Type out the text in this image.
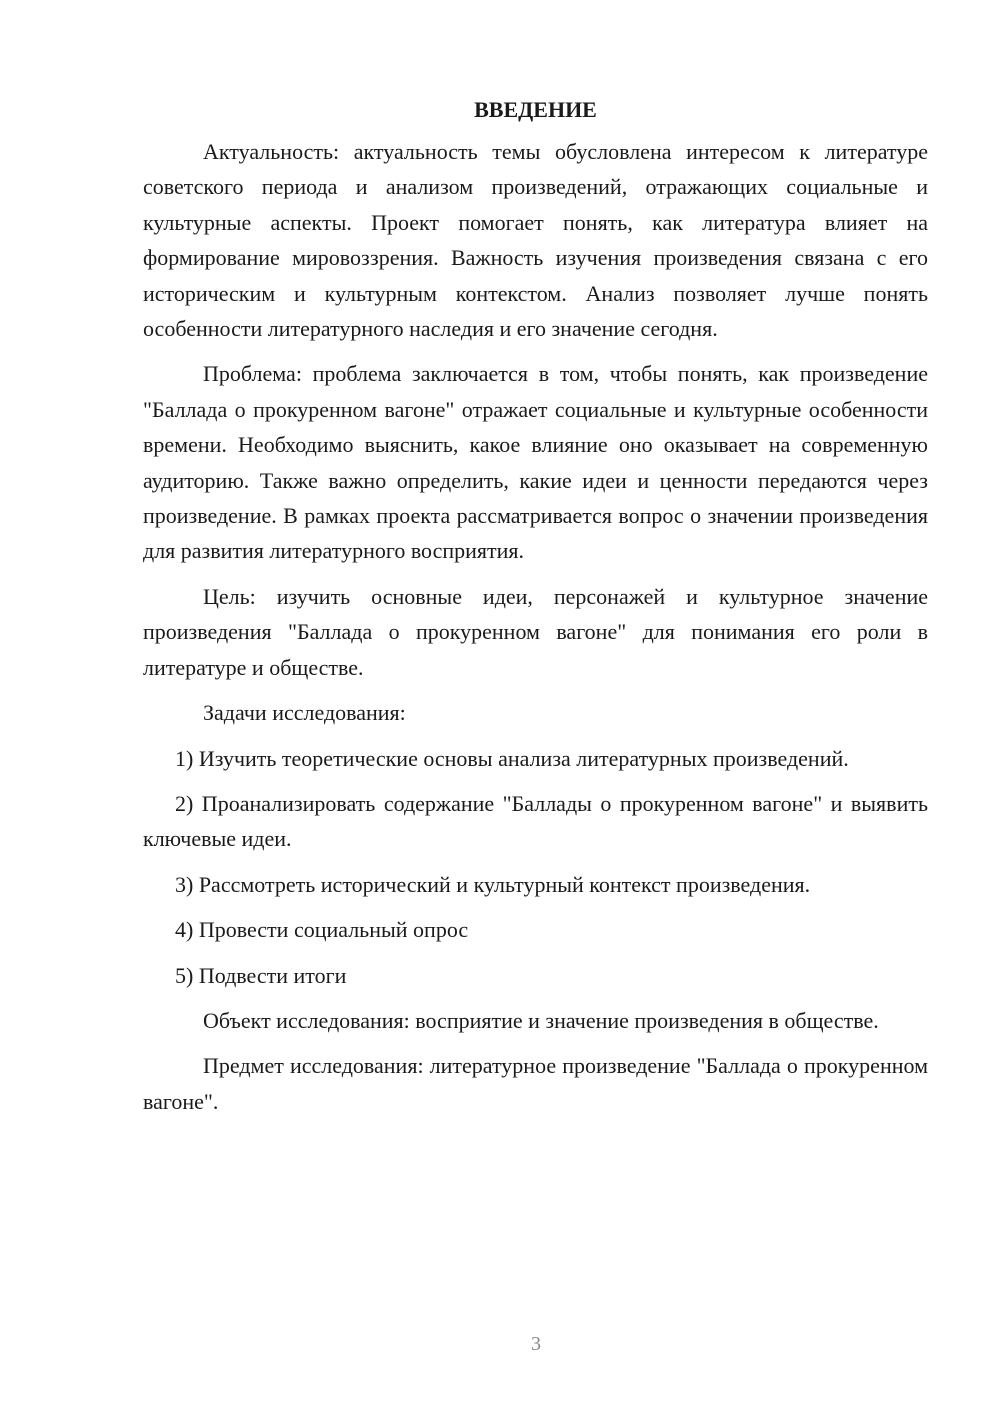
ВВЕДЕНИЕ

Актуальность: актуальность темы обусловлена интересом к литературе советского периода и анализом произведений, отражающих социальные и культурные аспекты. Проект помогает понять, как литература влияет на формирование мировоззрения. Важность изучения произведения связана с его историческим и культурным контекстом. Анализ позволяет лучше понять особенности литературного наследия и его значение сегодня.

Проблема: проблема заключается в том, чтобы понять, как произведение "Баллада о прокуренном вагоне" отражает социальные и культурные особенности времени. Необходимо выяснить, какое влияние оно оказывает на современную аудиторию. Также важно определить, какие идеи и ценности передаются через произведение. В рамках проекта рассматривается вопрос о значении произведения для развития литературного восприятия.

Цель: изучить основные идеи, персонажей и культурное значение произведения "Баллада о прокуренном вагоне" для понимания его роли в литературе и обществе.

Задачи исследования:

1) Изучить теоретические основы анализа литературных произведений.

2) Проанализировать содержание "Баллады о прокуренном вагоне" и выявить ключевые идеи.

3) Рассмотреть исторический и культурный контекст произведения.

4) Провести социальный опрос

5) Подвести итоги

Объект исследования: восприятие и значение произведения в обществе.

Предмет исследования: литературное произведение "Баллада о прокуренном вагоне".

3
